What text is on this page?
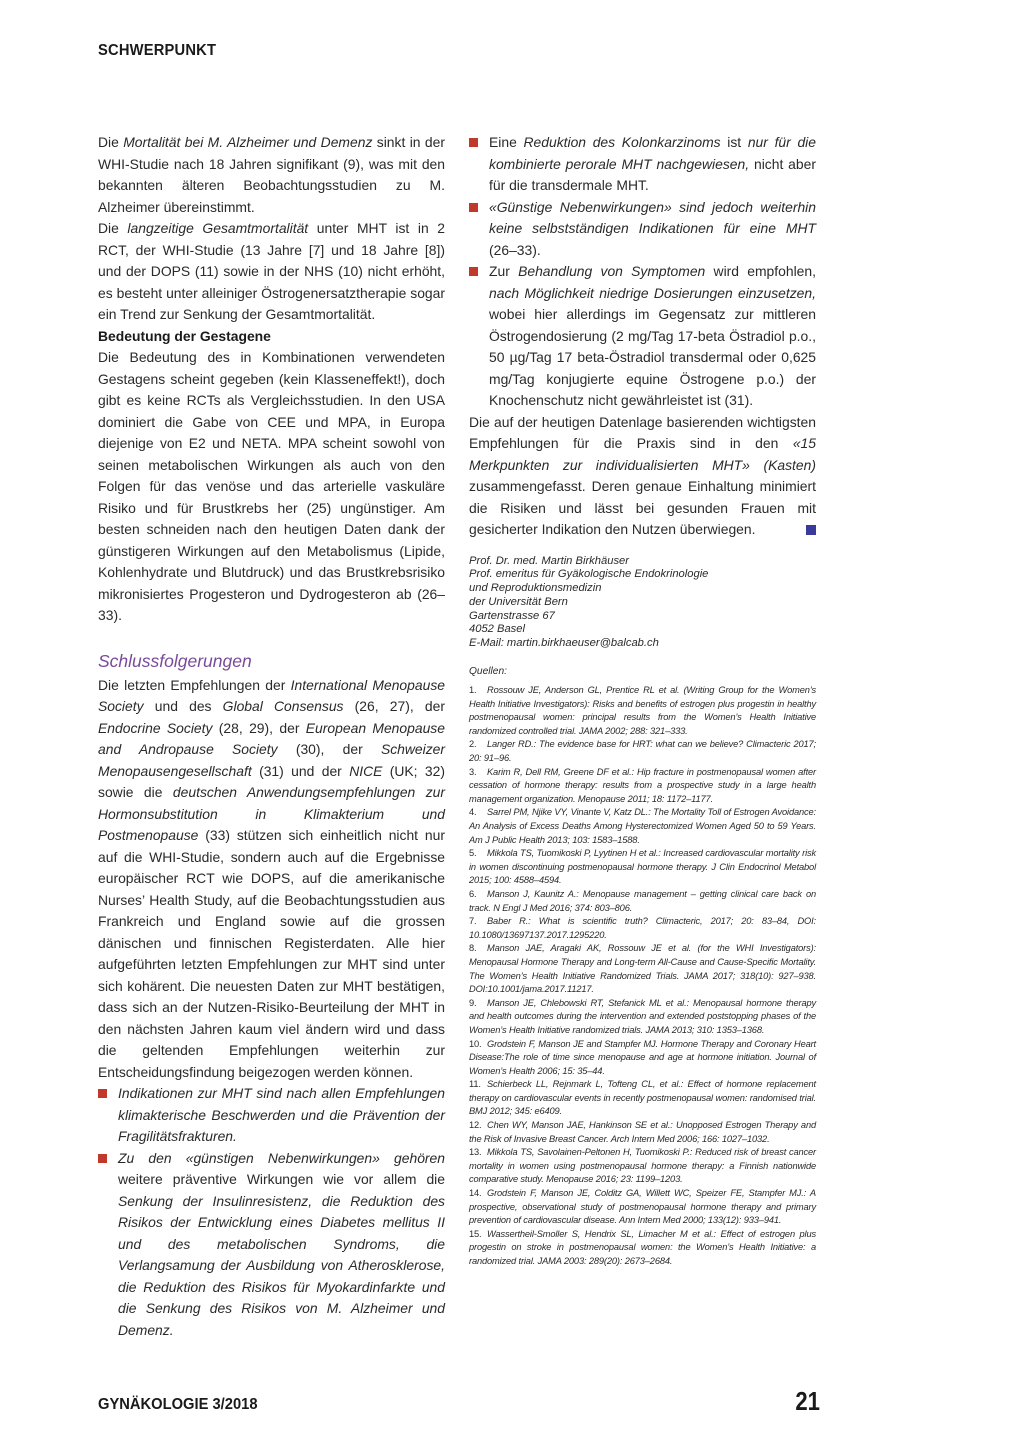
SCHWERPUNKT

Die Mortalität bei M. Alzheimer und Demenz sinkt in der WHI-Studie nach 18 Jahren signifikant (9), was mit den bekannten älteren Beobachtungsstudien zu M. Alzheimer übereinstimmt.

Die langzeitige Gesamtmortalität unter MHT ist in 2 RCT, der WHI-Studie (13 Jahre [7] und 18 Jahre [8]) und der DOPS (11) sowie in der NHS (10) nicht erhöht, es besteht unter alleiniger Östrogenersatztherapie sogar ein Trend zur Senkung der Gesamtmortalität.

Bedeutung der Gestagene

Die Bedeutung des in Kombinationen verwendeten Gestagens scheint gegeben (kein Klasseneffekt!), doch gibt es keine RCTs als Vergleichsstudien. In den USA dominiert die Gabe von CEE und MPA, in Europa diejenige von E2 und NETA. MPA scheint sowohl von seinen metabolischen Wirkungen als auch von den Folgen für das venöse und das arterielle vaskuläre Risiko und für Brustkrebs her (25) ungünstiger. Am besten schneiden nach den heutigen Daten dank der günstigeren Wirkungen auf den Metabolismus (Lipide, Kohlenhydrate und Blutdruck) und das Brustkrebsrisiko mikronisiertes Progesteron und Dydrogesteron ab (26–33).

Schlussfolgerungen

Die letzten Empfehlungen der International Menopause Society und des Global Consensus (26, 27), der Endocrine Society (28, 29), der European Menopause and Andropause Society (30), der Schweizer Menopausengesellschaft (31) und der NICE (UK; 32) sowie die deutschen Anwendungsempfehlungen zur Hormonsubstitution in Klimakterium und Postmenopause (33) stützen sich einheitlich nicht nur auf die WHI-Studie, sondern auch auf die Ergebnisse europäischer RCT wie DOPS, auf die amerikanische Nurses’ Health Study, auf die Beobachtungsstudien aus Frankreich und England sowie auf die grossen dänischen und finnischen Registerdaten. Alle hier aufgeführten letzten Empfehlungen zur MHT sind unter sich kohärent. Die neuesten Daten zur MHT bestätigen, dass sich an der Nutzen-Risiko-Beurteilung der MHT in den nächsten Jahren kaum viel ändern wird und dass die geltenden Empfehlungen weiterhin zur Entscheidungsfindung beigezogen werden können.

Indikationen zur MHT sind nach allen Empfehlungen klimakterische Beschwerden und die Prävention der Fragilitätsfrakturen.

Zu den «günstigen Nebenwirkungen» gehören weitere präventive Wirkungen wie vor allem die Senkung der Insulinresistenz, die Reduktion des Risikos der Entwicklung eines Diabetes mellitus II und des metabolischen Syndroms, die Verlangsamung der Ausbildung von Atherosklerose, die Reduktion des Risikos für Myokardinfarkte und die Senkung des Risikos von M. Alzheimer und Demenz.

Eine Reduktion des Kolonkarzinoms ist nur für die kombinierte perorale MHT nachgewiesen, nicht aber für die transdermale MHT.

«Günstige Nebenwirkungen» sind jedoch weiterhin keine selbstständigen Indikationen für eine MHT (26–33).

Zur Behandlung von Symptomen wird empfohlen, nach Möglichkeit niedrige Dosierungen einzusetzen, wobei hier allerdings im Gegensatz zur mittleren Östrogendosierung (2 mg/Tag 17-beta Östradiol p.o., 50 µg/Tag 17 beta-Östradiol transdermal oder 0,625 mg/Tag konjugierte equine Östrogene p.o.) der Knochenschutz nicht gewährleistet ist (31).

Die auf der heutigen Datenlage basierenden wichtigsten Empfehlungen für die Praxis sind in den «15 Merkpunkten zur individualisierten MHT» (Kasten) zusammengefasst. Deren genaue Einhaltung minimiert die Risiken und lässt bei gesunden Frauen mit gesicherter Indikation den Nutzen überwiegen.

Prof. Dr. med. Martin Birkhäuser
Prof. emeritus für Gyäkologische Endokrinologie
und Reproduktionsmedizin
der Universität Bern
Gartenstrasse 67
4052 Basel
E-Mail: martin.birkhaeuser@balcab.ch

Quellen:

1. Rossouw JE, Anderson GL, Prentice RL et al. (Writing Group for the Women’s Health Initiative Investigators): Risks and benefits of estrogen plus progestin in healthy postmenopausal women: principal results from the Women’s Health Initiative randomized controlled trial. JAMA 2002; 288: 321–333.

2. Langer RD.: The evidence base for HRT: what can we believe? Climacteric 2017; 20: 91–96.

3. Karim R, Dell RM, Greene DF et al.: Hip fracture in postmenopausal women after cessation of hormone therapy: results from a prospective study in a large health management organization. Menopause 2011; 18: 1172–1177.

4. Sarrel PM, Njike VY, Vinante V, Katz DL.: The Mortality Toll of Estrogen Avoidance: An Analysis of Excess Deaths Among Hysterectomized Women Aged 50 to 59 Years. Am J Public Health 2013; 103: 1583–1588.

5. Mikkola TS, Tuomikoski P, Lyytinen H et al.: Increased cardiovascular mortality risk in women discontinuing postmenopausal hormone therapy. J Clin Endocrinol Metabol 2015; 100: 4588–4594.

6. Manson J, Kaunitz A.: Menopause management – getting clinical care back on track. N Engl J Med 2016; 374: 803–806.

7. Baber R.: What is scientific truth? Climacteric, 2017; 20: 83–84, DOI: 10.1080/13697137.2017.1295220.

8. Manson JAE, Aragaki AK, Rossouw JE et al. (for the WHI Investigators): Menopausal Hormone Therapy and Long-term All-Cause and Cause-Specific Mortality. The Women’s Health Initiative Randomized Trials. JAMA 2017; 318(10): 927–938. DOI:10.1001/jama.2017.11217.

9. Manson JE, Chlebowski RT, Stefanick ML et al.: Menopausal hormone therapy and health outcomes during the intervention and extended poststopping phases of the Women’s Health Initiative randomized trials. JAMA 2013; 310: 1353–1368.

10. Grodstein F, Manson JE and Stampfer MJ. Hormone Therapy and Coronary Heart Disease:The role of time since menopause and age at hormone initiation. Journal of Women’s Health 2006; 15: 35–44.

11. Schierbeck LL, Rejnmark L, Tofteng CL, et al.: Effect of hormone replacement therapy on cardiovascular events in recently postmenopausal women: randomised trial. BMJ 2012; 345: e6409.

12. Chen WY, Manson JAE, Hankinson SE et al.: Unopposed Estrogen Therapy and the Risk of Invasive Breast Cancer. Arch Intern Med 2006; 166: 1027–1032.

13. Mikkola TS, Savolainen-Peltonen H, Tuomikoski P.: Reduced risk of breast cancer mortality in women using postmenopausal hormone therapy: a Finnish nationwide comparative study. Menopause 2016; 23: 1199–1203.

14. Grodstein F, Manson JE, Colditz GA, Willett WC, Speizer FE, Stampfer MJ.: A prospective, observational study of postmenopausal hormone therapy and primary prevention of cardiovascular disease. Ann Intern Med 2000; 133(12): 933–941.

15. Wassertheil-Smoller S, Hendrix SL, Limacher M et al.: Effect of estrogen plus progestin on stroke in postmenopausal women: the Women’s Health Initiative: a randomized trial. JAMA 2003: 289(20): 2673–2684.

GYNÄKOLOGIE 3/2018	21
